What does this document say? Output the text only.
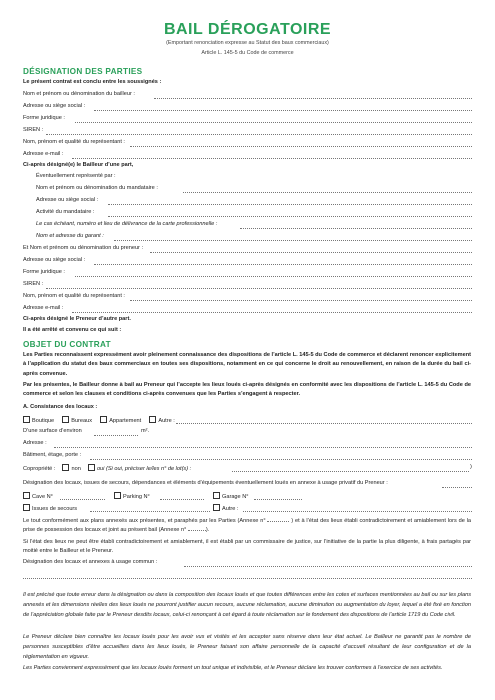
BAIL DÉROGATOIRE
(Emportant renonciation expresse au Statut des baux commerciaux)
Article L. 145-5 du Code de commerce
DÉSIGNATION DES PARTIES
Le présent contrat est conclu entre les soussignés :
Nom et prénom ou dénomination du bailleur :
Adresse ou siège social :
Forme juridique :
SIREN :
Nom, prénom et qualité du représentant :
Adresse e-mail :
Ci-après désigné(e) le Bailleur d’une part,
Éventuellement représenté par :
Nom et prénom ou dénomination du mandataire :
Adresse ou siège social :
Activité du mandataire :
Le cas échéant, numéro et lieu de délivrance de la carte professionnelle :
Nom et adresse du garant :
Et Nom et prénom ou dénomination du preneur :
Adresse ou siège social :
Forme juridique :
SIREN :
Nom, prénom et qualité du représentant :
Adresse e-mail :
Ci-après désigné le Preneur d’autre part.
Il a été arrêté et convenu ce qui suit :
OBJET DU CONTRAT
Les Parties reconnaissent expressément avoir pleinement connaissance des dispositions de l’article L. 145-5 du Code de commerce et déclarent renoncer explicitement à l’application du statut des baux commerciaux en toutes ses dispositions, notamment en ce qui concerne le droit au renouvellement, en raison de la durée du bail ci-après convenue.
Par les présentes, le Bailleur donne à bail au Preneur qui l’accepte les lieux loués ci-après désignés en conformité avec les dispositions de l’article L. 145-5 du Code de commerce et selon les clauses et conditions ci-après convenues que les Parties s’engagent à respecter.
A. Consistance des locaux :
Boutique	Bureaux	Appartement	Autre :
D’une surface d’environ	m².
Adresse :
Bâtiment, étage, porte :
Copropriété :	non	oui (Si oui, préciser le/les n° de lot(s) :	)
Désignation des locaux, issues de secours, dépendances et éléments d’équipements éventuellement loués en annexe à usage privatif du Preneur :
Cave N°	Parking N°	Garage N°
Issues de secours	Autre :
Le tout conformément aux plans annexés aux présentes, et paraphés par les Parties (Annexe n°	) et à l’état des lieux établi contradictoirement et amiablement lors de la prise de possession des locaux et joint au présent bail (Annexe n°	).
Si l’état des lieux ne peut être établi contradictoirement et amiablement, il est établi par un commissaire de justice, sur l’initiative de la partie la plus diligente, à frais partagés par moitié entre le Bailleur et le Preneur.
Désignation des locaux et annexes à usage commun :
Il est précisé que toute erreur dans la désignation ou dans la composition des locaux loués et que toutes différences entre les cotes et surfaces mentionnées au bail ou sur les plans annexés et les dimensions réelles des lieux loués ne pourront justifier aucun recours, aucune réclamation, aucune diminution ou augmentation du loyer, lequel a été fixé en fonction de l’appréciation globale faite par le Preneur desdits locaux, celui-ci renonçant à cet égard à toute réclamation sur le fondement des dispositions de l’article 1719 du Code civil.
Le Preneur déclare bien connaître les locaux loués pour les avoir vus et visités et les accepter sans réserve dans leur état actuel. Le Bailleur ne garantit pas le nombre de personnes susceptibles d’être accueillies dans les lieux loués, le Preneur faisant son affaire personnelle de la capacité d’accueil résultant de leur configuration et de la réglementation en vigueur.
Les Parties conviennent expressément que les locaux loués forment un tout unique et indivisible, et le Preneur déclare les trouver conformes à l’exercice de ses activités.
